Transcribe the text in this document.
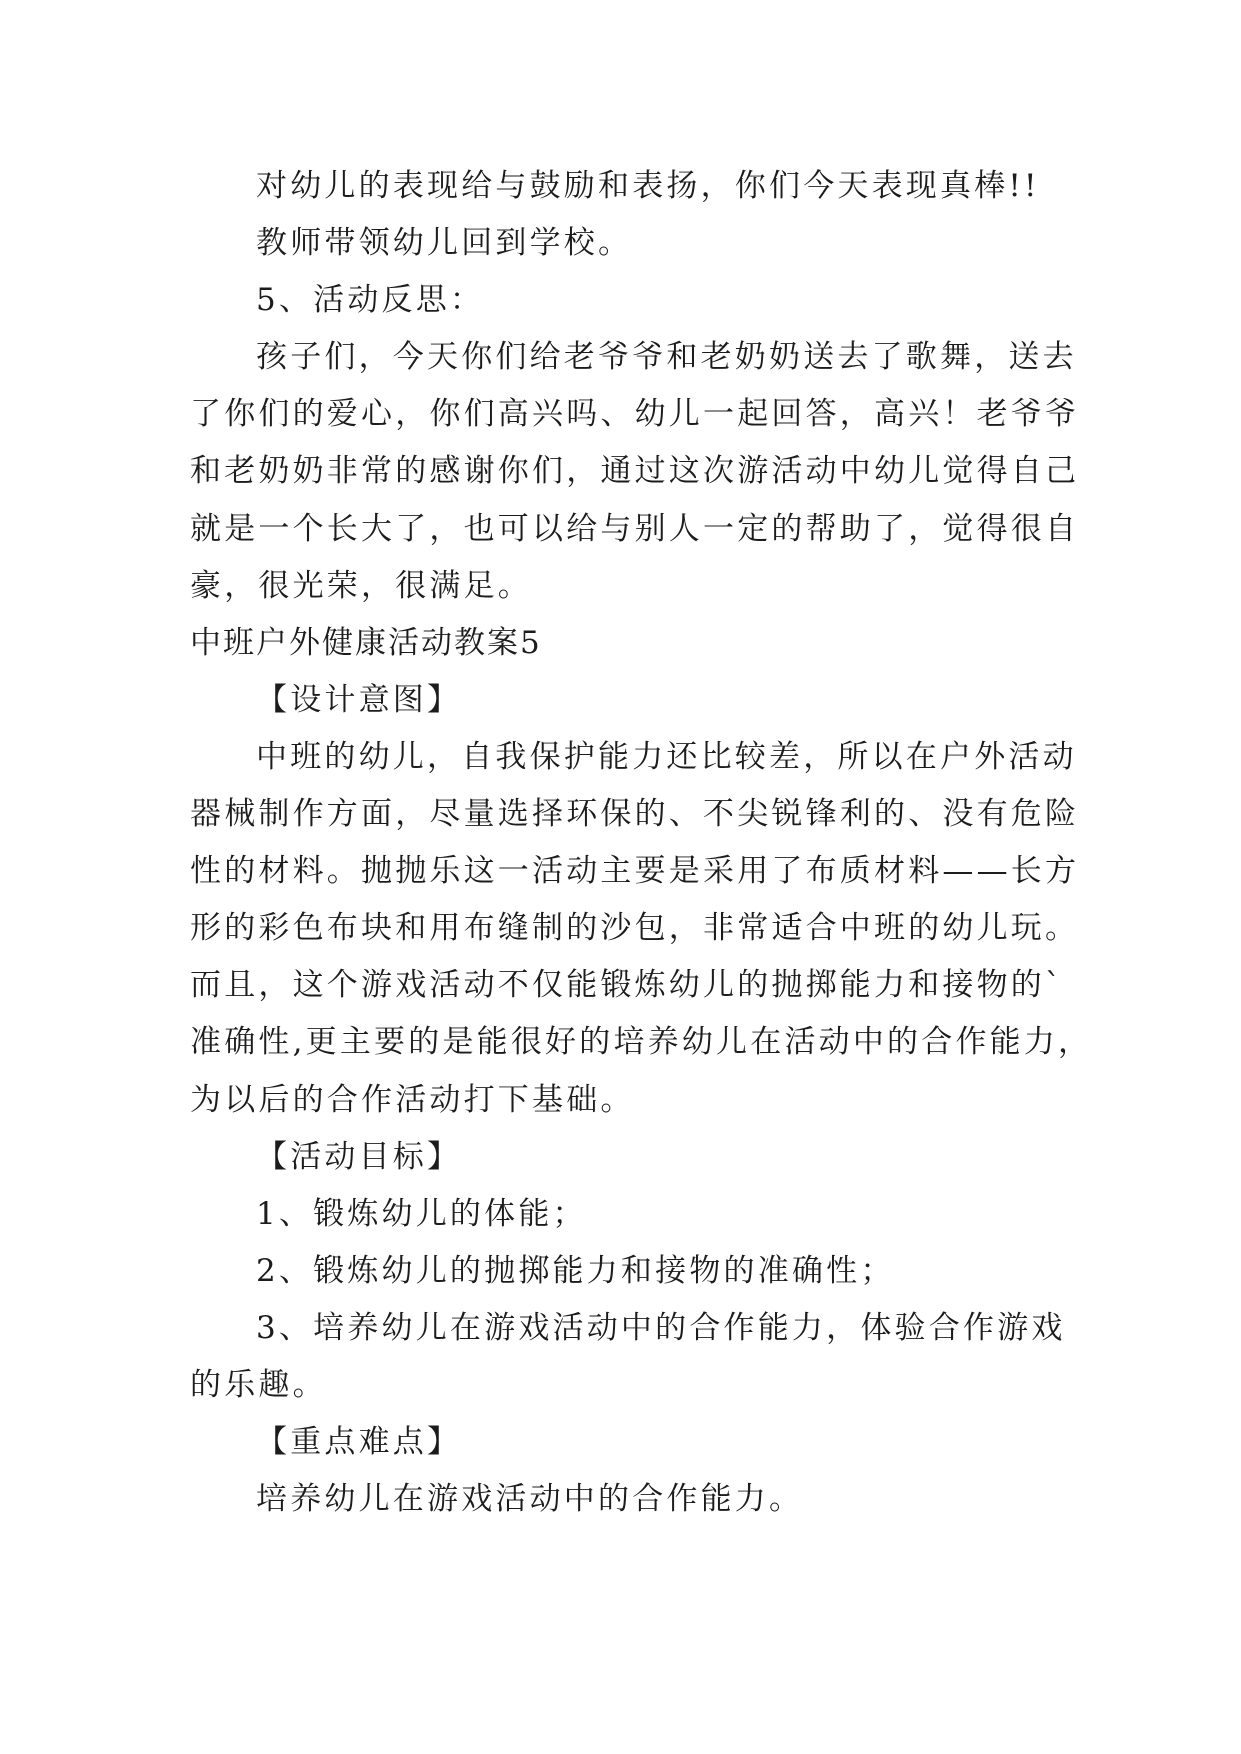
对幼儿的表现给与鼓励和表扬，你们今天表现真棒!!
教师带领幼儿回到学校。
5、活动反思：
孩子们，今天你们给老爷爷和老奶奶送去了歌舞，送去
了你们的爱心，你们高兴吗、幼儿一起回答，高兴！老爷爷
和老奶奶非常的感谢你们，通过这次游活动中幼儿觉得自己
就是一个长大了，也可以给与别人一定的帮助了，觉得很自
豪，很光荣，很满足。
中班户外健康活动教案5
【设计意图】
中班的幼儿，自我保护能力还比较差，所以在户外活动
器械制作方面，尽量选择环保的、不尖锐锋利的、没有危险
性的材料。抛抛乐这一活动主要是采用了布质材料——长方
形的彩色布块和用布缝制的沙包，非常适合中班的幼儿玩。
而且，这个游戏活动不仅能锻炼幼儿的抛掷能力和接物的`
准确性,更主要的是能很好的培养幼儿在活动中的合作能力，
为以后的合作活动打下基础。
【活动目标】
1、锻炼幼儿的体能；
2、锻炼幼儿的抛掷能力和接物的准确性；
3、培养幼儿在游戏活动中的合作能力，体验合作游戏
的乐趣。
【重点难点】
培养幼儿在游戏活动中的合作能力。
